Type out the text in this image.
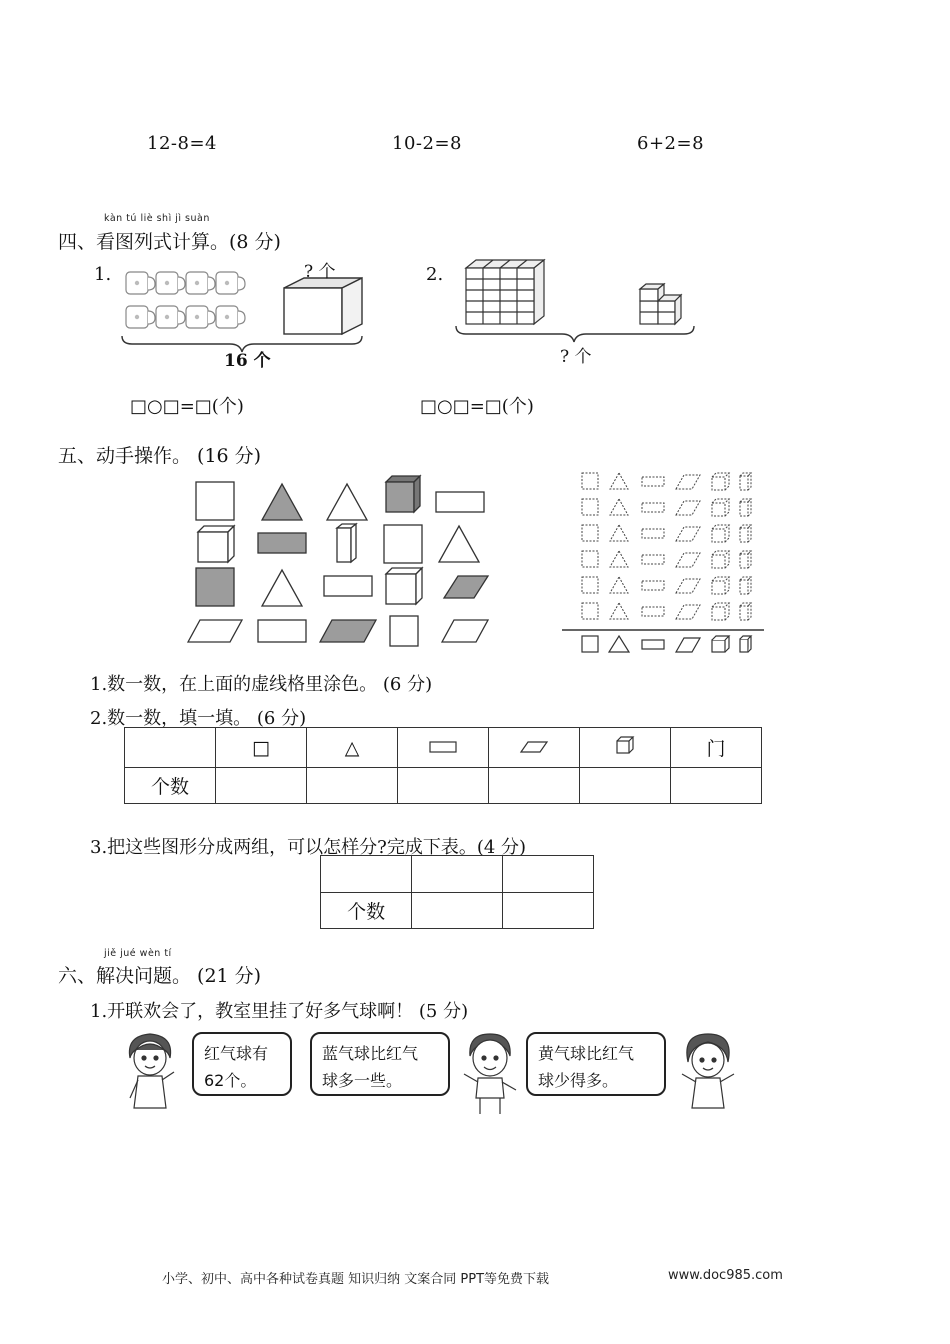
12-8=4	10-2=8	6+2=8
kàn tú liè shì jì suàn
四、看图列式计算。(8 分)
1.	? 个
16 个
□○□=□(个)
2.
? 个
□○□=□(个)
五、动手操作。 (16 分)
1.数一数，在上面的虚线格里涂色。 (6 分)
2.数一数，填一填。 (6 分)
	□	△				门
个数						
3.把这些图形分成两组，可以怎样分?完成下表。(4 分)

个数		
jiě jué wèn tí
六、解决问题。 (21 分)
1.开联欢会了，教室里挂了好多气球啊！ (5 分)
红气球有
62个。
蓝气球比红气
球多一些。
黄气球比红气
球少得多。
小学、初中、高中各种试卷真题 知识归纳 文案合同 PPT等免费下载	www.doc985.com
